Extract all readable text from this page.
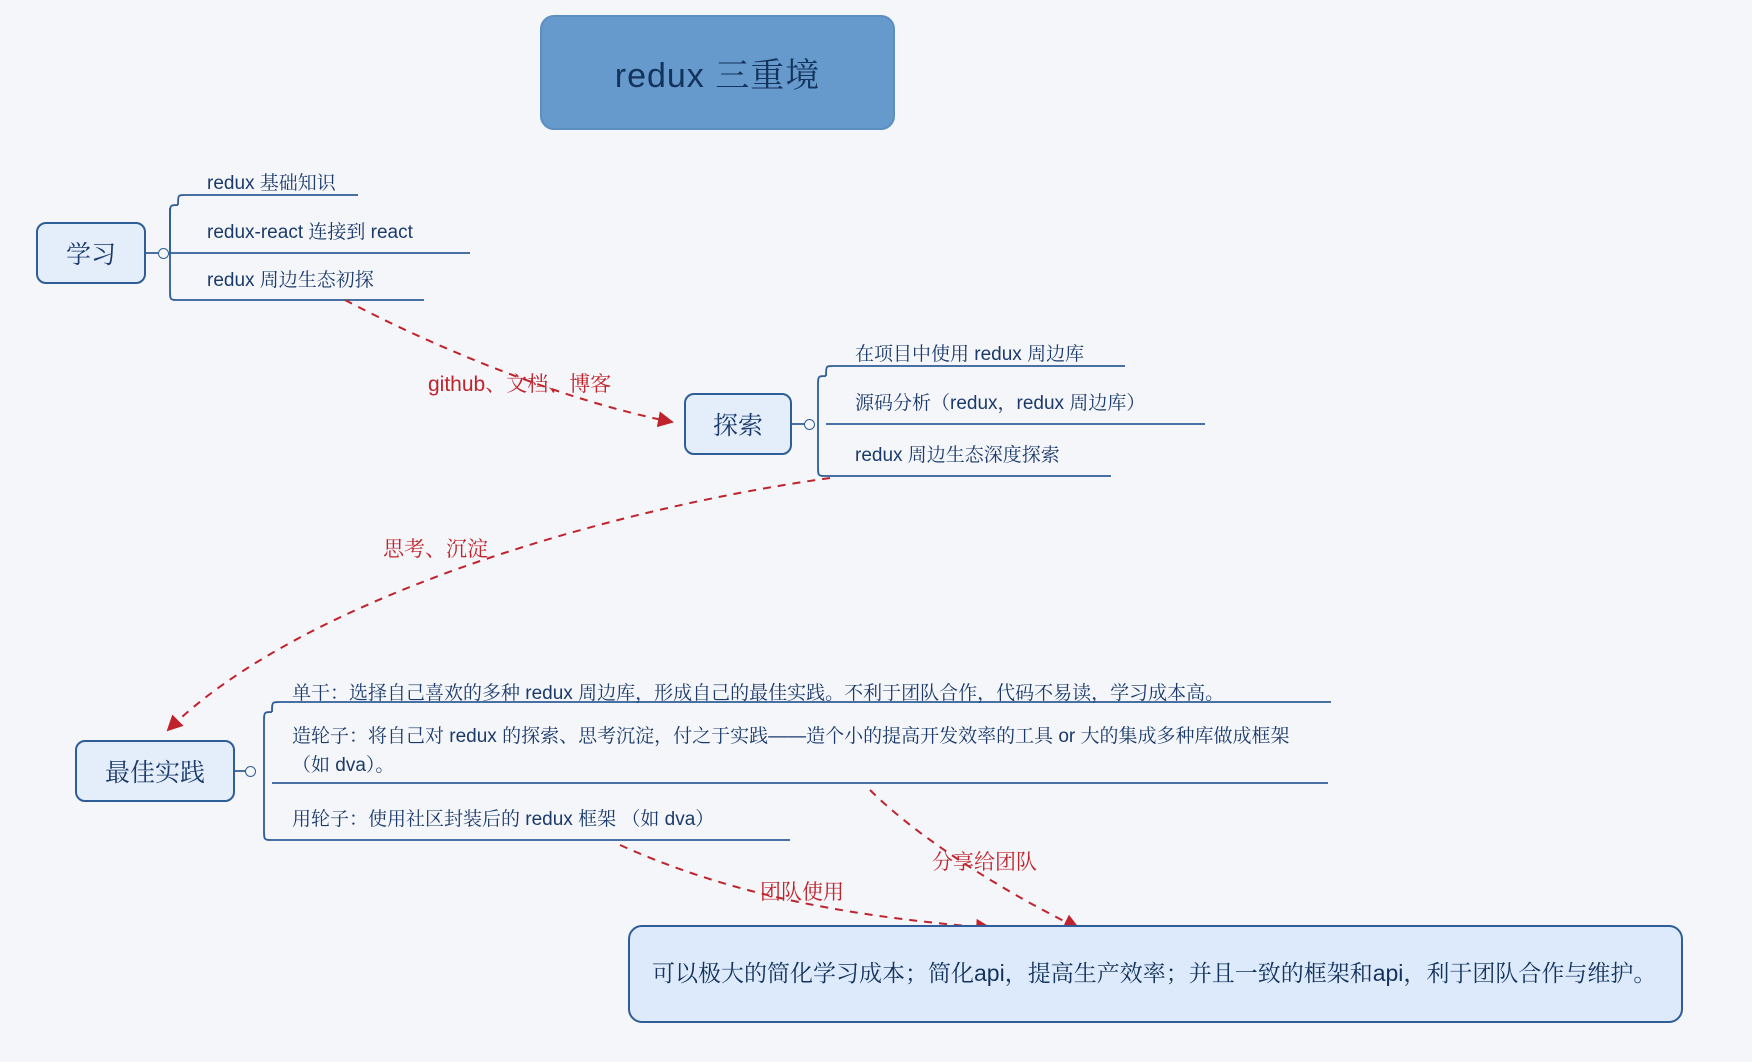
redux 三重境
学习
探索
最佳实践
可以极大的简化学习成本；简化api，提高生产效率；并且一致的框架和api，利于团队合作与维护。
redux 基础知识
redux-react 连接到 react
redux 周边生态初探
在项目中使用 redux 周边库
源码分析（redux，redux 周边库）
redux 周边生态深度探索
单干：选择自己喜欢的多种 redux 周边库，形成自己的最佳实践。不利于团队合作，代码不易读，学习成本高。
造轮子：将自己对 redux 的探索、思考沉淀，付之于实践——造个小的提高开发效率的工具 or 大的集成多种库做成框架（如 dva）。
用轮子：使用社区封装后的 redux 框架 （如 dva）
github、文档、博客
思考、沉淀
团队使用
分享给团队
